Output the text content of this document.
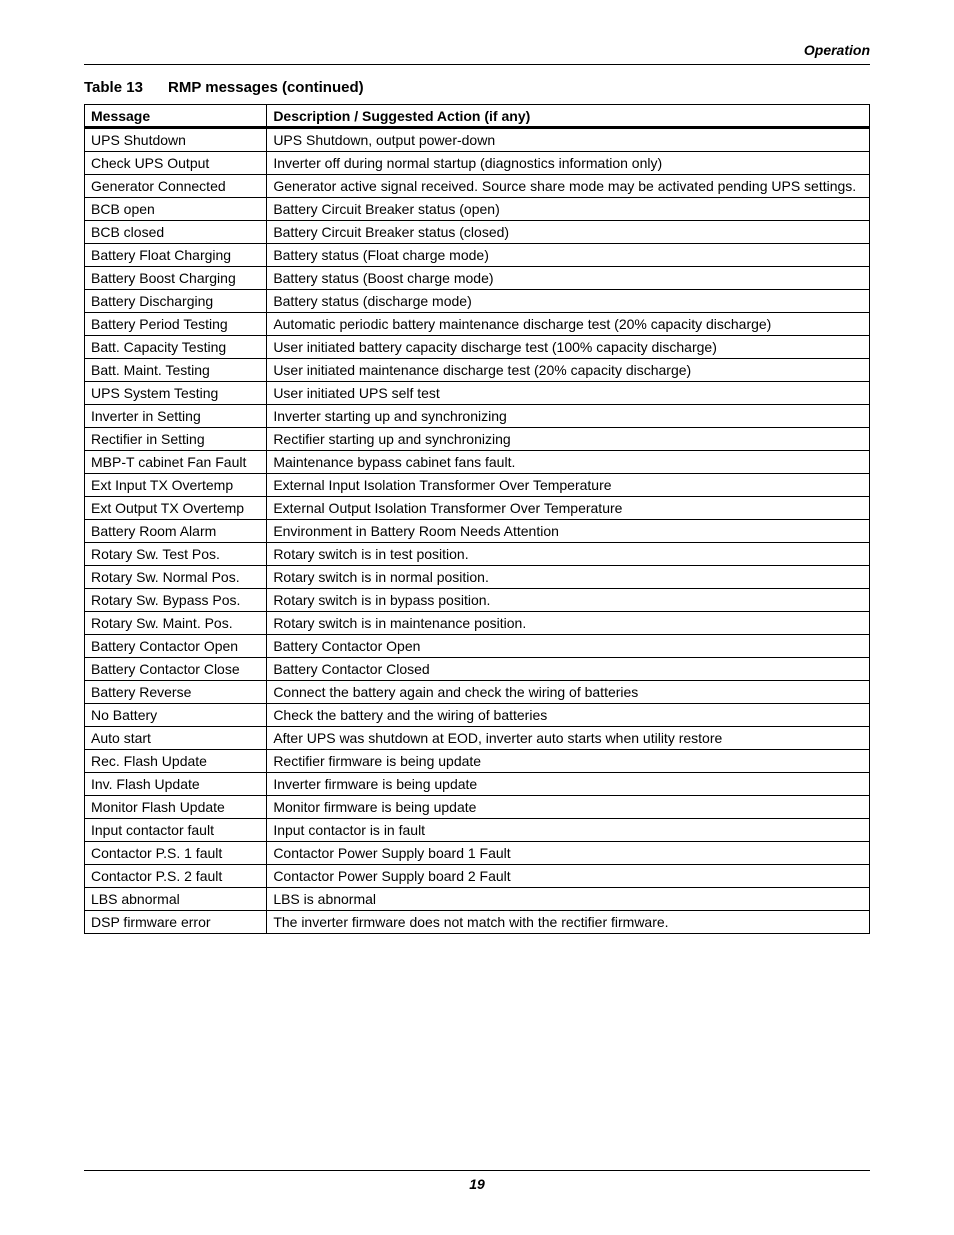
Operation
Table 13 RMP messages (continued)
Message	Description / Suggested Action (if any)
UPS Shutdown	UPS Shutdown, output power-down
Check UPS Output	Inverter off during normal startup (diagnostics information only)
Generator Connected	Generator active signal received. Source share mode may be activated pending UPS settings.
BCB open	Battery Circuit Breaker status (open)
BCB closed	Battery Circuit Breaker status (closed)
Battery Float Charging	Battery status (Float charge mode)
Battery Boost Charging	Battery status (Boost charge mode)
Battery Discharging	Battery status (discharge mode)
Battery Period Testing	Automatic periodic battery maintenance discharge test (20% capacity discharge)
Batt. Capacity Testing	User initiated battery capacity discharge test (100% capacity discharge)
Batt. Maint. Testing	User initiated maintenance discharge test (20% capacity discharge)
UPS System Testing	User initiated UPS self test
Inverter in Setting	Inverter starting up and synchronizing
Rectifier in Setting	Rectifier starting up and synchronizing
MBP-T cabinet Fan Fault	Maintenance bypass cabinet fans fault.
Ext Input TX Overtemp	External Input Isolation Transformer Over Temperature
Ext Output TX Overtemp	External Output Isolation Transformer Over Temperature
Battery Room Alarm	Environment in Battery Room Needs Attention
Rotary Sw. Test Pos.	Rotary switch is in test position.
Rotary Sw. Normal Pos.	Rotary switch is in normal position.
Rotary Sw. Bypass Pos.	Rotary switch is in bypass position.
Rotary Sw. Maint. Pos.	Rotary switch is in maintenance position.
Battery Contactor Open	Battery Contactor Open
Battery Contactor Close	Battery Contactor Closed
Battery Reverse	Connect the battery again and check the wiring of batteries
No Battery	Check the battery and the wiring of batteries
Auto start	After UPS was shutdown at EOD, inverter auto starts when utility restore
Rec. Flash Update	Rectifier firmware is being update
Inv. Flash Update	Inverter firmware is being update
Monitor Flash Update	Monitor firmware is being update
Input contactor fault	Input contactor is in fault
Contactor P.S. 1 fault	Contactor Power Supply board 1 Fault
Contactor P.S. 2 fault	Contactor Power Supply board 2 Fault
LBS abnormal	LBS is abnormal
DSP firmware error	The inverter firmware does not match with the rectifier firmware.
19
